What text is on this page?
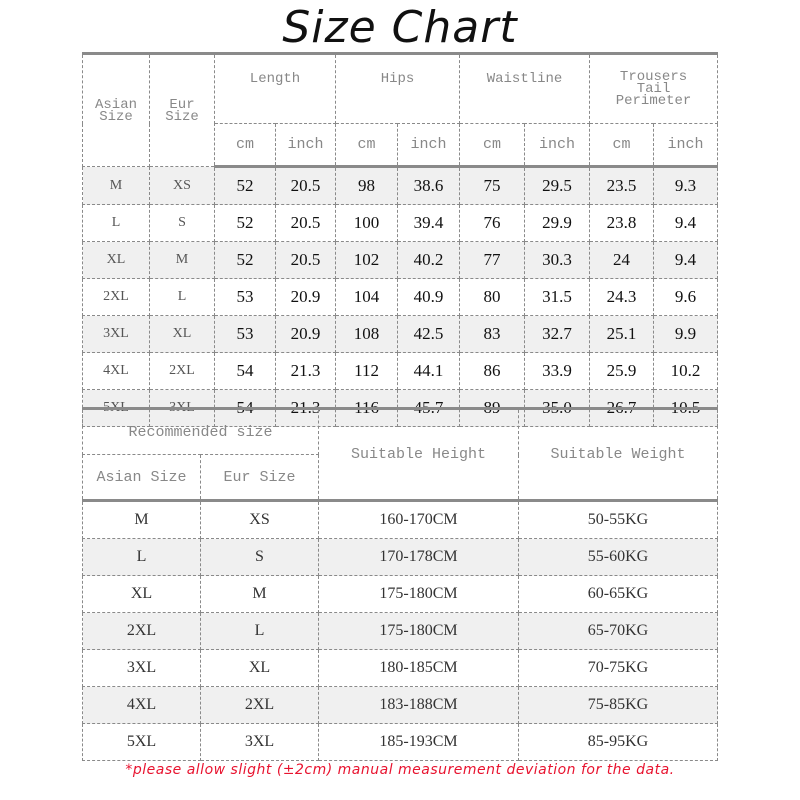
Size Chart
Asian Size	Eur Size	Length		Hips		Waistline		Trousers Tail Perimeter	
		cm	inch	cm	inch	cm	inch	cm	inch
M	XS	52	20.5	98	38.6	75	29.5	23.5	9.3
L	S	52	20.5	100	39.4	76	29.9	23.8	9.4
XL	M	52	20.5	102	40.2	77	30.3	24	9.4
2XL	L	53	20.9	104	40.9	80	31.5	24.3	9.6
3XL	XL	53	20.9	108	42.5	83	32.7	25.1	9.9
4XL	2XL	54	21.3	112	44.1	86	33.9	25.9	10.2
5XL	3XL	54	21.3	116	45.7	89	35.0	26.7	10.5
Recommended size		Suitable Height	Suitable Weight
Asian Size	Eur Size		
M	XS	160-170CM	50-55KG
L	S	170-178CM	55-60KG
XL	M	175-180CM	60-65KG
2XL	L	175-180CM	65-70KG
3XL	XL	180-185CM	70-75KG
4XL	2XL	183-188CM	75-85KG
5XL	3XL	185-193CM	85-95KG
*please allow slight (±2cm) manual measurement deviation for the data.
